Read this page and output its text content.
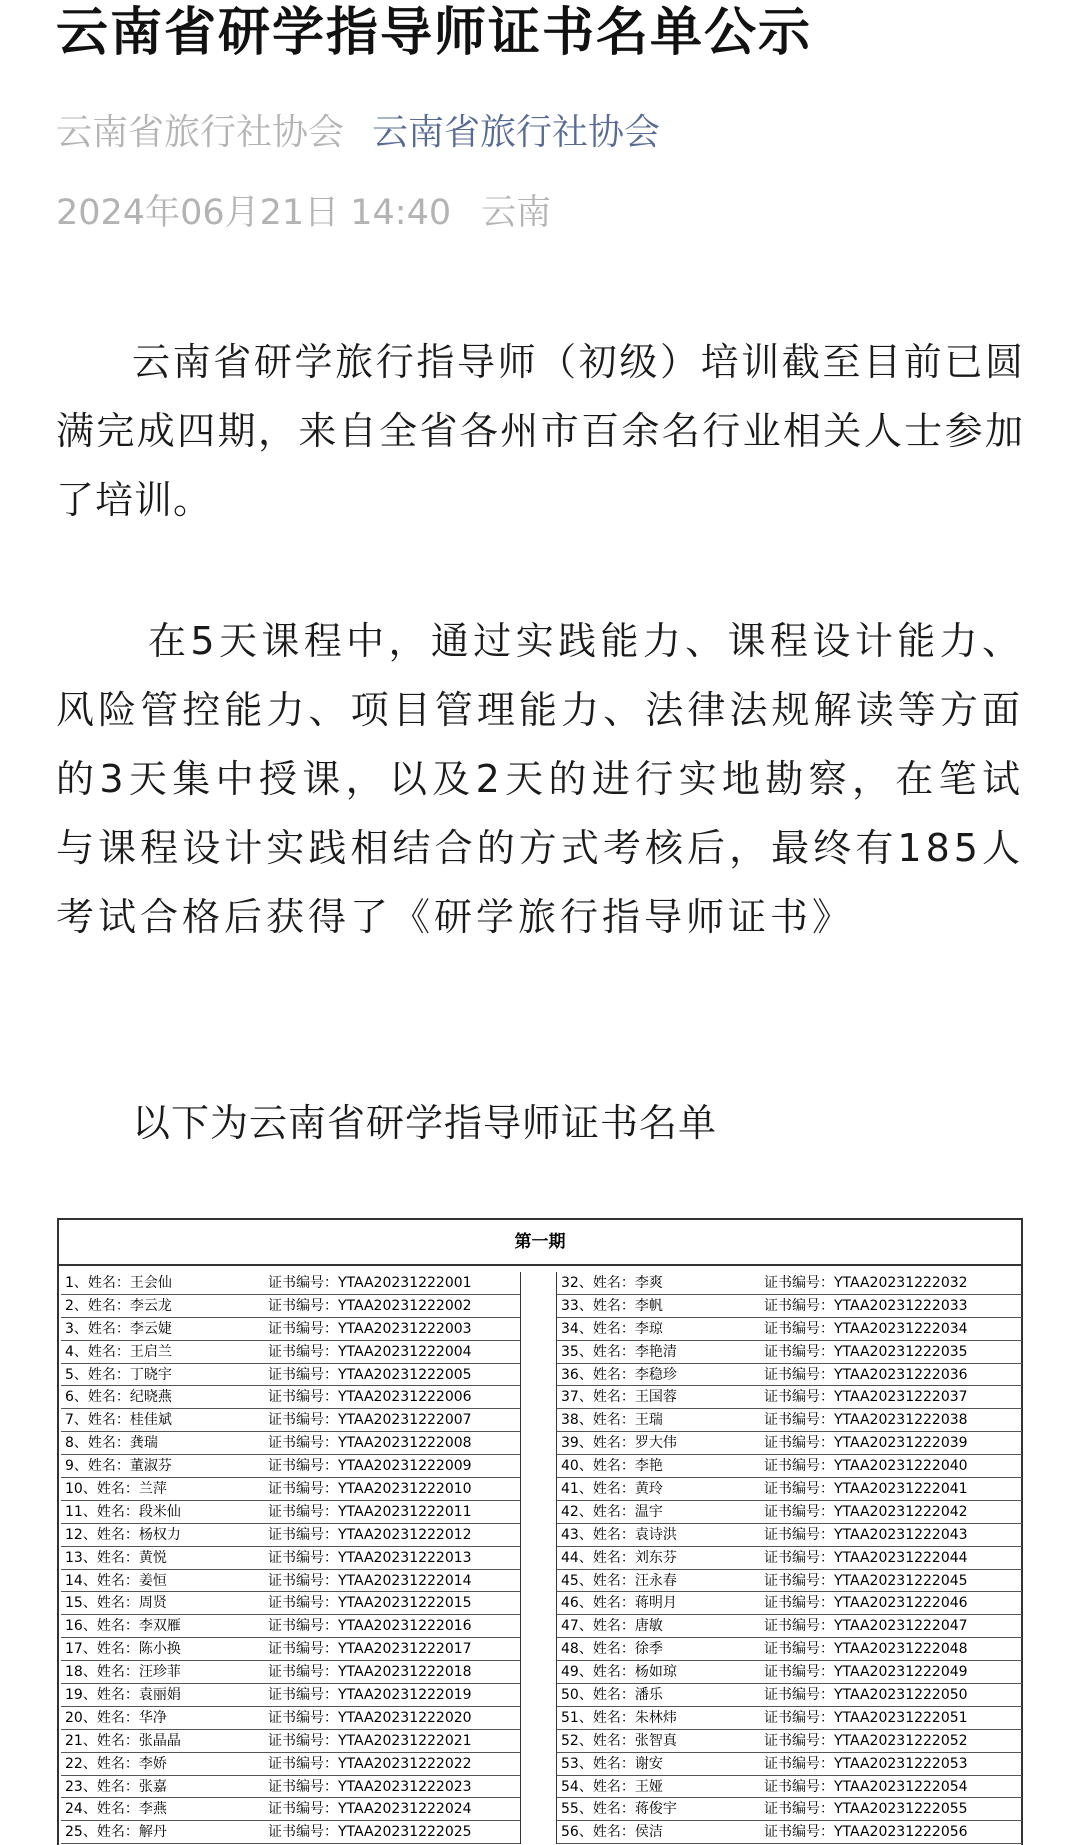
云南省研学指导师证书名单公示
云南省旅行社协会 云南省旅行社协会
2024年06月21日 14:40 云南
云南省研学旅行指导师（初级）培训截至目前已圆满完成四期，来自全省各州市百余名行业相关人士参加了培训。
在5天课程中，通过实践能力、课程设计能力、风险管控能力、项目管理能力、法律法规解读等方面的3天集中授课，以及2天的进行实地勘察，在笔试与课程设计实践相结合的方式考核后，最终有185人考试合格后获得了《研学旅行指导师证书》
以下为云南省研学指导师证书名单
第一期
1、姓名：王会仙	证书编号：YTAA20231222001
2、姓名：李云龙	证书编号：YTAA20231222002
3、姓名：李云婕	证书编号：YTAA20231222003
4、姓名：王启兰	证书编号：YTAA20231222004
5、姓名：丁晓宇	证书编号：YTAA20231222005
6、姓名：纪晓燕	证书编号：YTAA20231222006
7、姓名：桂佳斌	证书编号：YTAA20231222007
8、姓名：龚瑞	证书编号：YTAA20231222008
9、姓名：董淑芬	证书编号：YTAA20231222009
10、姓名：兰萍	证书编号：YTAA20231222010
11、姓名：段米仙	证书编号：YTAA20231222011
12、姓名：杨权力	证书编号：YTAA20231222012
13、姓名：黄悦	证书编号：YTAA20231222013
14、姓名：姜恒	证书编号：YTAA20231222014
15、姓名：周贤	证书编号：YTAA20231222015
16、姓名：李双雁	证书编号：YTAA20231222016
17、姓名：陈小换	证书编号：YTAA20231222017
18、姓名：汪珍菲	证书编号：YTAA20231222018
19、姓名：袁丽娟	证书编号：YTAA20231222019
20、姓名：华净	证书编号：YTAA20231222020
21、姓名：张晶晶	证书编号：YTAA20231222021
22、姓名：李娇	证书编号：YTAA20231222022
23、姓名：张嘉	证书编号：YTAA20231222023
24、姓名：李燕	证书编号：YTAA20231222024
25、姓名：解丹	证书编号：YTAA20231222025
32、姓名：李爽	证书编号：YTAA20231222032
33、姓名：李帆	证书编号：YTAA20231222033
34、姓名：李琼	证书编号：YTAA20231222034
35、姓名：李艳清	证书编号：YTAA20231222035
36、姓名：李稳珍	证书编号：YTAA20231222036
37、姓名：王国蓉	证书编号：YTAA20231222037
38、姓名：王瑞	证书编号：YTAA20231222038
39、姓名：罗大伟	证书编号：YTAA20231222039
40、姓名：李艳	证书编号：YTAA20231222040
41、姓名：黄玲	证书编号：YTAA20231222041
42、姓名：温宇	证书编号：YTAA20231222042
43、姓名：袁诗洪	证书编号：YTAA20231222043
44、姓名：刘东芬	证书编号：YTAA20231222044
45、姓名：汪永春	证书编号：YTAA20231222045
46、姓名：蒋明月	证书编号：YTAA20231222046
47、姓名：唐敏	证书编号：YTAA20231222047
48、姓名：徐季	证书编号：YTAA20231222048
49、姓名：杨如琼	证书编号：YTAA20231222049
50、姓名：潘乐	证书编号：YTAA20231222050
51、姓名：朱林炜	证书编号：YTAA20231222051
52、姓名：张智真	证书编号：YTAA20231222052
53、姓名：谢安	证书编号：YTAA20231222053
54、姓名：王娅	证书编号：YTAA20231222054
55、姓名：蒋俊宇	证书编号：YTAA20231222055
56、姓名：侯洁	证书编号：YTAA20231222056
